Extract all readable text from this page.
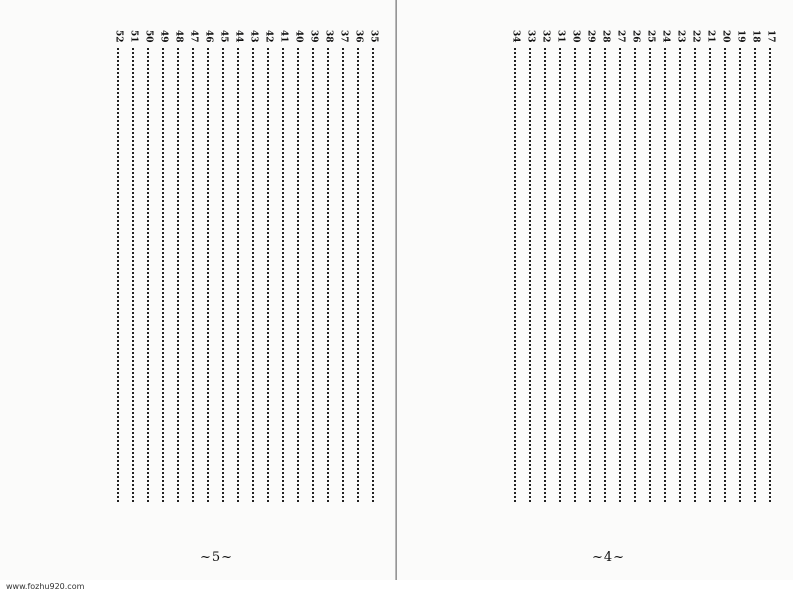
35
36
37
38
39
40
41
42
43
44
45
46
47
48
49
50
51
52
~5~
17
18
19
20
21
22
23
24
25
26
27
28
29
30
31
32
33
34
~4~
www.fozhu920.com
